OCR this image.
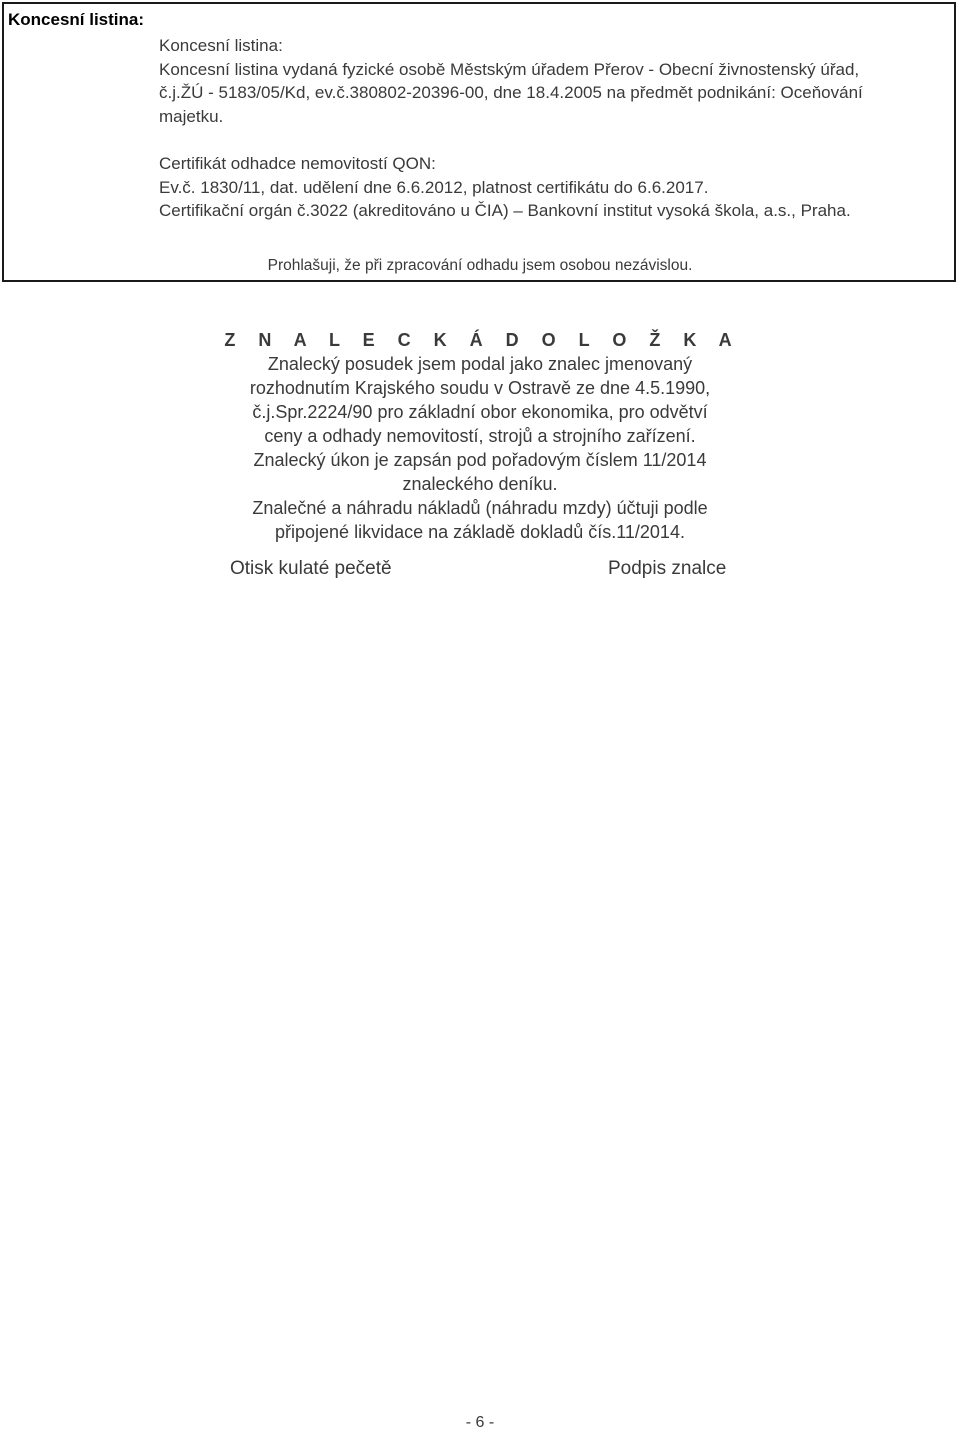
Koncesní listina:

Koncesní listina:

Koncesní listina vydaná fyzické osobě Městským úřadem Přerov - Obecní živnostenský úřad,

č.j.ŽÚ - 5183/05/Kd, ev.č.380802-20396-00, dne 18.4.2005 na předmět podnikání: Oceňování

majetku.

Certifikát odhadce nemovitostí QON:

Ev.č. 1830/11, dat. udělení dne 6.6.2012, platnost certifikátu do 6.6.2017.

Certifikační orgán č.3022 (akreditováno u ČIA) – Bankovní institut vysoká škola, a.s., Praha.

Prohlašuji, že při zpracování odhadu jsem osobou nezávislou.
Z N A L E C K Á D O L O Ž K A

Znalecký posudek jsem podal jako znalec jmenovaný

rozhodnutím Krajského soudu v Ostravě ze dne 4.5.1990,

č.j.Spr.2224/90 pro základní obor ekonomika, pro odvětví

ceny a odhady nemovitostí, strojů a strojního zařízení.

Znalecký úkon je zapsán pod pořadovým číslem 11/2014

znaleckého deníku.

Znalečné a náhradu nákladů (náhradu mzdy) účtuji podle

připojené likvidace na základě dokladů čís.11/2014.

Otisk kulaté pečetě	Podpis znalce
- 6 -
